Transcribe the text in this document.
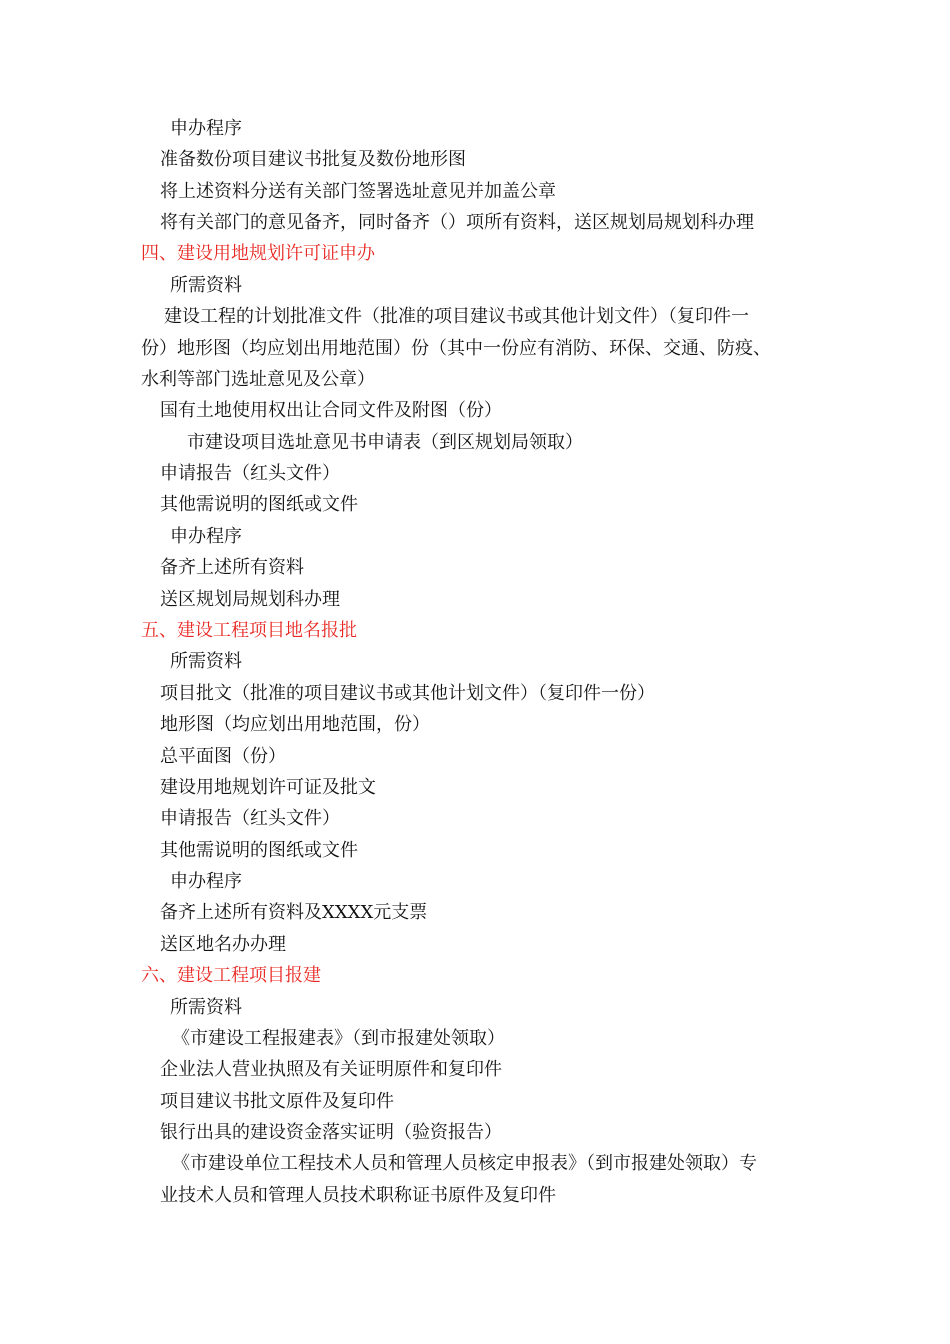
申办程序
准备数份项目建议书批复及数份地形图
将上述资料分送有关部门签署选址意见并加盖公章
将有关部门的意见备齐，同时备齐（）项所有资料，送区规划局规划科办理
四、建设用地规划许可证申办
所需资料
建设工程的计划批准文件（批准的项目建议书或其他计划文件）（复印件一
份）地形图（均应划出用地范围）份（其中一份应有消防、环保、交通、防疫、
水利等部门选址意见及公章）
国有土地使用权出让合同文件及附图（份）
市建设项目选址意见书申请表（到区规划局领取）
申请报告（红头文件）
其他需说明的图纸或文件
申办程序
备齐上述所有资料
送区规划局规划科办理
五、建设工程项目地名报批
所需资料
项目批文（批准的项目建议书或其他计划文件）（复印件一份）
地形图（均应划出用地范围，份）
总平面图（份）
建设用地规划许可证及批文
申请报告（红头文件）
其他需说明的图纸或文件
申办程序
备齐上述所有资料及XXXX元支票
送区地名办办理
六、建设工程项目报建
所需资料
《市建设工程报建表》（到市报建处领取）
企业法人营业执照及有关证明原件和复印件
项目建议书批文原件及复印件
银行出具的建设资金落实证明（验资报告）
《市建设单位工程技术人员和管理人员核定申报表》（到市报建处领取）专
业技术人员和管理人员技术职称证书原件及复印件
